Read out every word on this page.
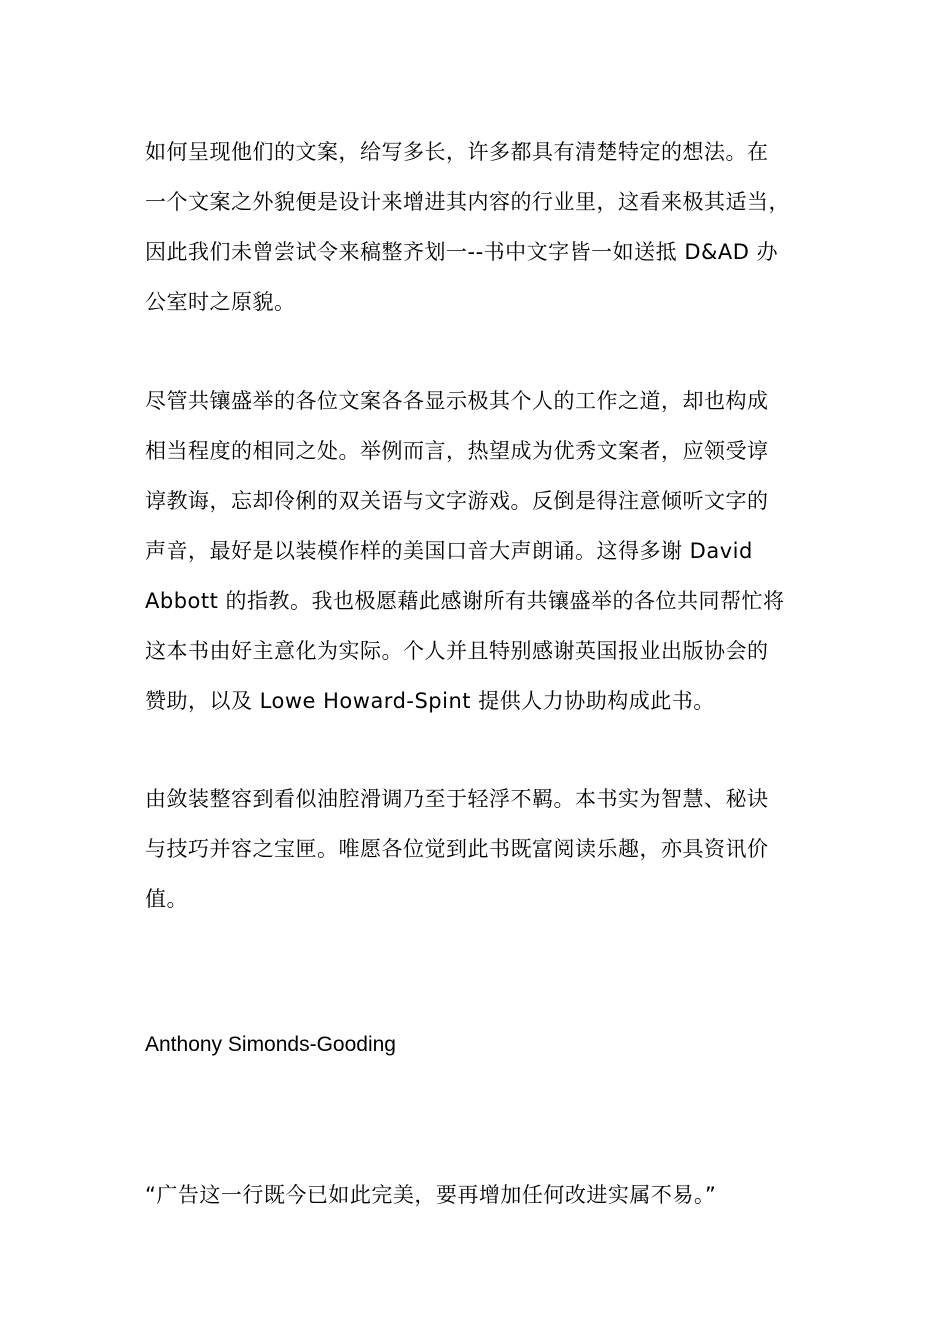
如何呈现他们的文案，给写多长，许多都具有清楚特定的想法。在
一个文案之外貌便是设计来增进其内容的行业里，这看来极其适当，
因此我们未曾尝试令来稿整齐划一--书中文字皆一如送抵 D&AD 办
公室时之原貌。
尽管共镶盛举的各位文案各各显示极其个人的工作之道，却也构成
相当程度的相同之处。举例而言，热望成为优秀文案者，应领受谆
谆教诲，忘却伶俐的双关语与文字游戏。反倒是得注意倾听文字的
声音，最好是以装模作样的美国口音大声朗诵。这得多谢 David
Abbott 的指教。我也极愿藉此感谢所有共镶盛举的各位共同帮忙将
这本书由好主意化为实际。个人并且特别感谢英国报业出版协会的
赞助，以及 Lowe Howard-Spint 提供人力协助构成此书。
由敛装整容到看似油腔滑调乃至于轻浮不羁。本书实为智慧、秘诀
与技巧并容之宝匣。唯愿各位觉到此书既富阅读乐趣，亦具资讯价
值。
Anthony Simonds-Gooding
“广告这一行既今已如此完美，要再增加任何改进实属不易。”
